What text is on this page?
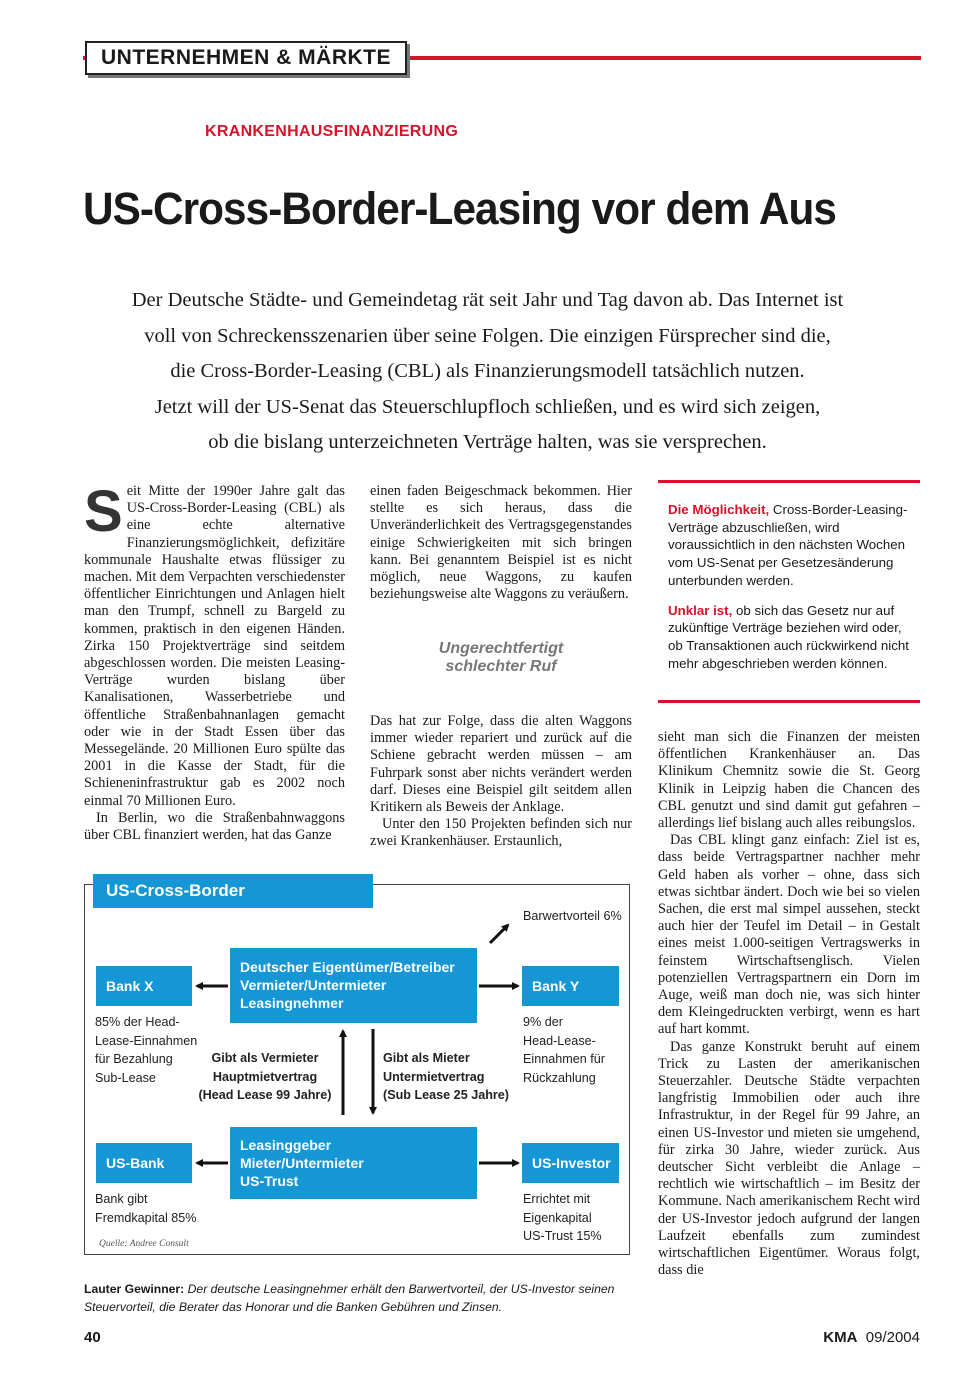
UNTERNEHMEN & MÄRKTE
KRANKENHAUSFINANZIERUNG
US-Cross-Border-Leasing vor dem Aus
Der Deutsche Städte- und Gemeindetag rät seit Jahr und Tag davon ab. Das Internet ist
voll von Schreckensszenarien über seine Folgen. Die einzigen Fürsprecher sind die,
die Cross-Border-Leasing (CBL) als Finanzierungsmodell tatsächlich nutzen.
Jetzt will der US-Senat das Steuerschlupfloch schließen, und es wird sich zeigen,
ob die bislang unterzeichneten Verträge halten, was sie versprechen.

Seit Mitte der 1990er Jahre galt das US-Cross-Border-Leasing (CBL) als eine echte alternative Finanzierungsmöglichkeit, defizitäre kommunale Haushalte etwas flüssiger zu machen. Mit dem Verpachten verschiedenster öffentlicher Einrichtungen und Anlagen hielt man den Trumpf, schnell zu Bargeld zu kommen, praktisch in den eigenen Händen. Zirka 150 Projektverträge sind seitdem abgeschlossen worden. Die meisten Leasing-Verträge wurden bislang über Kanalisationen, Wasserbetriebe und öffentliche Straßenbahnanlagen gemacht oder wie in der Stadt Essen über das Messegelände. 20 Millionen Euro spülte das 2001 in die Kasse der Stadt, für die Schieneninfrastruktur gab es 2002 noch einmal 70 Millionen Euro.

In Berlin, wo die Straßenbahnwaggons über CBL finanziert werden, hat das Ganze

einen faden Beigeschmack bekommen. Hier stellte es sich heraus, dass die Unveränderlichkeit des Vertragsgegenstandes einige Schwierigkeiten mit sich bringen kann. Bei genanntem Beispiel ist es nicht möglich, neue Waggons, zu kaufen beziehungsweise alte Waggons zu veräußern.

Ungerechtfertigt
schlechter Ruf

Das hat zur Folge, dass die alten Waggons immer wieder repariert und zurück auf die Schiene gebracht werden müssen – am Fuhrpark sonst aber nichts verändert werden darf. Dieses eine Beispiel gilt seitdem allen Kritikern als Beweis der Anklage.

Unter den 150 Projekten befinden sich nur zwei Krankenhäuser. Erstaunlich,

Die Möglichkeit, Cross-Border-Leasing-Verträge abzuschließen, wird voraussichtlich in den nächsten Wochen vom US-Senat per Gesetzesänderung unterbunden werden.

Unklar ist, ob sich das Gesetz nur auf zukünftige Verträge beziehen wird oder, ob Transaktionen auch rückwirkend nicht mehr abgeschrieben werden können.

sieht man sich die Finanzen der meisten öffentlichen Krankenhäuser an. Das Klinikum Chemnitz sowie die St. Georg Klinik in Leipzig haben die Chancen des CBL genutzt und sind damit gut gefahren – allerdings lief bislang auch alles reibungslos.

Das CBL klingt ganz einfach: Ziel ist es, dass beide Vertragspartner nachher mehr Geld haben als vorher – ohne, dass sich etwas sichtbar ändert. Doch wie bei so vielen Sachen, die erst mal simpel aussehen, steckt auch hier der Teufel im Detail – in Gestalt eines meist 1.000-seitigen Vertragswerks in feinstem Wirtschaftsenglisch. Vielen potenziellen Vertragspartnern ein Dorn im Auge, weiß man doch nie, was sich hinter dem Kleingedruckten verbirgt, wenn es hart auf hart kommt.

Das ganze Konstrukt beruht auf einem Trick zu Lasten der amerikanischen Steuerzahler. Deutsche Städte verpachten langfristig Immobilien oder auch ihre Infrastruktur, in der Regel für 99 Jahre, an einen US-Investor und mieten sie umgehend, für zirka 30 Jahre, wieder zurück. Aus deutscher Sicht verbleibt die Anlage – rechtlich wie wirtschaftlich – im Besitz der Kommune. Nach amerikanischem Recht wird der US-Investor jedoch aufgrund der langen Laufzeit ebenfalls zum zumindest wirtschaftlichen Eigentümer. Woraus folgt, dass die

US-Cross-Border
Barwertvorteil 6%
Deutscher Eigentümer/Betreiber
Vermieter/Untermieter
Leasingnehmer
Bank X	Bank Y
85% der Head-
Lease-Einnahmen
für Bezahlung
Sub-Lease
9% der
Head-Lease-
Einnahmen für
Rückzahlung
Gibt als Vermieter
Hauptmietvertrag
(Head Lease 99 Jahre)
Gibt als Mieter
Untermietvertrag
(Sub Lease 25 Jahre)
Leasinggeber
Mieter/Untermieter
US-Trust
US-Bank	US-Investor
Bank gibt
Fremdkapital 85%
Errichtet mit
Eigenkapital
US-Trust 15%
Quelle: Andree Consult
Lauter Gewinner: Der deutsche Leasingnehmer erhält den Barwertvorteil, der US-Investor seinen Steuervorteil, die Berater das Honorar und die Banken Gebühren und Zinsen.
40	KMA 09/2004
